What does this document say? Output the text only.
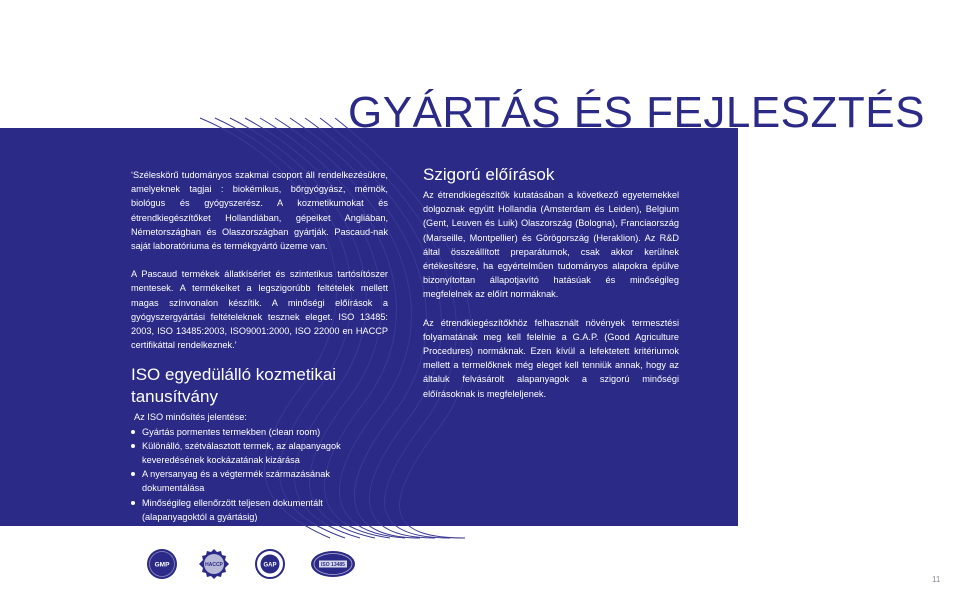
GYÁRTÁS ÉS FEJLESZTÉS

‘Széleskörű tudományos szakmai csoport áll rendelkezésükre, amelyeknek tagjai : biokémikus, bőrgyógyász, mérnök, biológus és gyógyszerész. A kozmetikumokat és étrendkiegészítőket Hollandiában, gépeiket Angliában, Németországban és Olaszországban gyártják. Pascaud-nak saját laboratóriuma és termékgyártó üzeme van.

A Pascaud termékek állatkísérlet és szintetikus tartósítószer mentesek. A termékeiket a legszigorúbb feltételek mellett magas színvonalon készítik. A minőségi előírások a gyógyszergyártási feltételeknek tesznek eleget. ISO 13485: 2003, ISO 13485:2003, ISO9001:2000, ISO 22000 en HACCP certifikáttal rendelkeznek.’

ISO egyedülálló kozmetikai tanusítvány

Az ISO minősítés jelentése:

Gyártás pormentes termekben (clean room)
Különálló, szétválasztott termek, az alapanyagok keveredésének kockázatának kizárása
A nyersanyag és a végtermék származásának dokumentálása
Minőségileg ellenőrzött teljesen dokumentált (alapanyagoktól a gyártásig)
Jól képzett szakemberek
Szigorú előírások

Az étrendkiegészítők kutatásában a következő egyetemekkel dolgoznak együtt Hollandia (Amsterdam és Leiden), Belgium (Gent, Leuven és Luik) Olaszország (Bologna), Franciaország (Marseille, Montpellier) és Görögország (Heraklion). Az R&D által összeállított preparátumok, csak akkor kerülnek értékesítésre, ha egyértelműen tudományos alapokra épülve bizonyítottan állapotjavító hatásúak és minőségileg megfelelnek az előírt normáknak.

Az étrendkiegészítőkhöz felhasznált növények termesztési folyamatának meg kell felelnie a G.A.P. (Good Agriculture Procedures) normáknak. Ezen kívül a lefektetett kritériumok mellett a termelőknek még eleget kell tenniük annak, hogy az általuk felvásárolt alapanyagok a szigorú minőségi előírásoknak is megfeleljenek.

GMP	HACCP	GAP	ISO 13485
11
